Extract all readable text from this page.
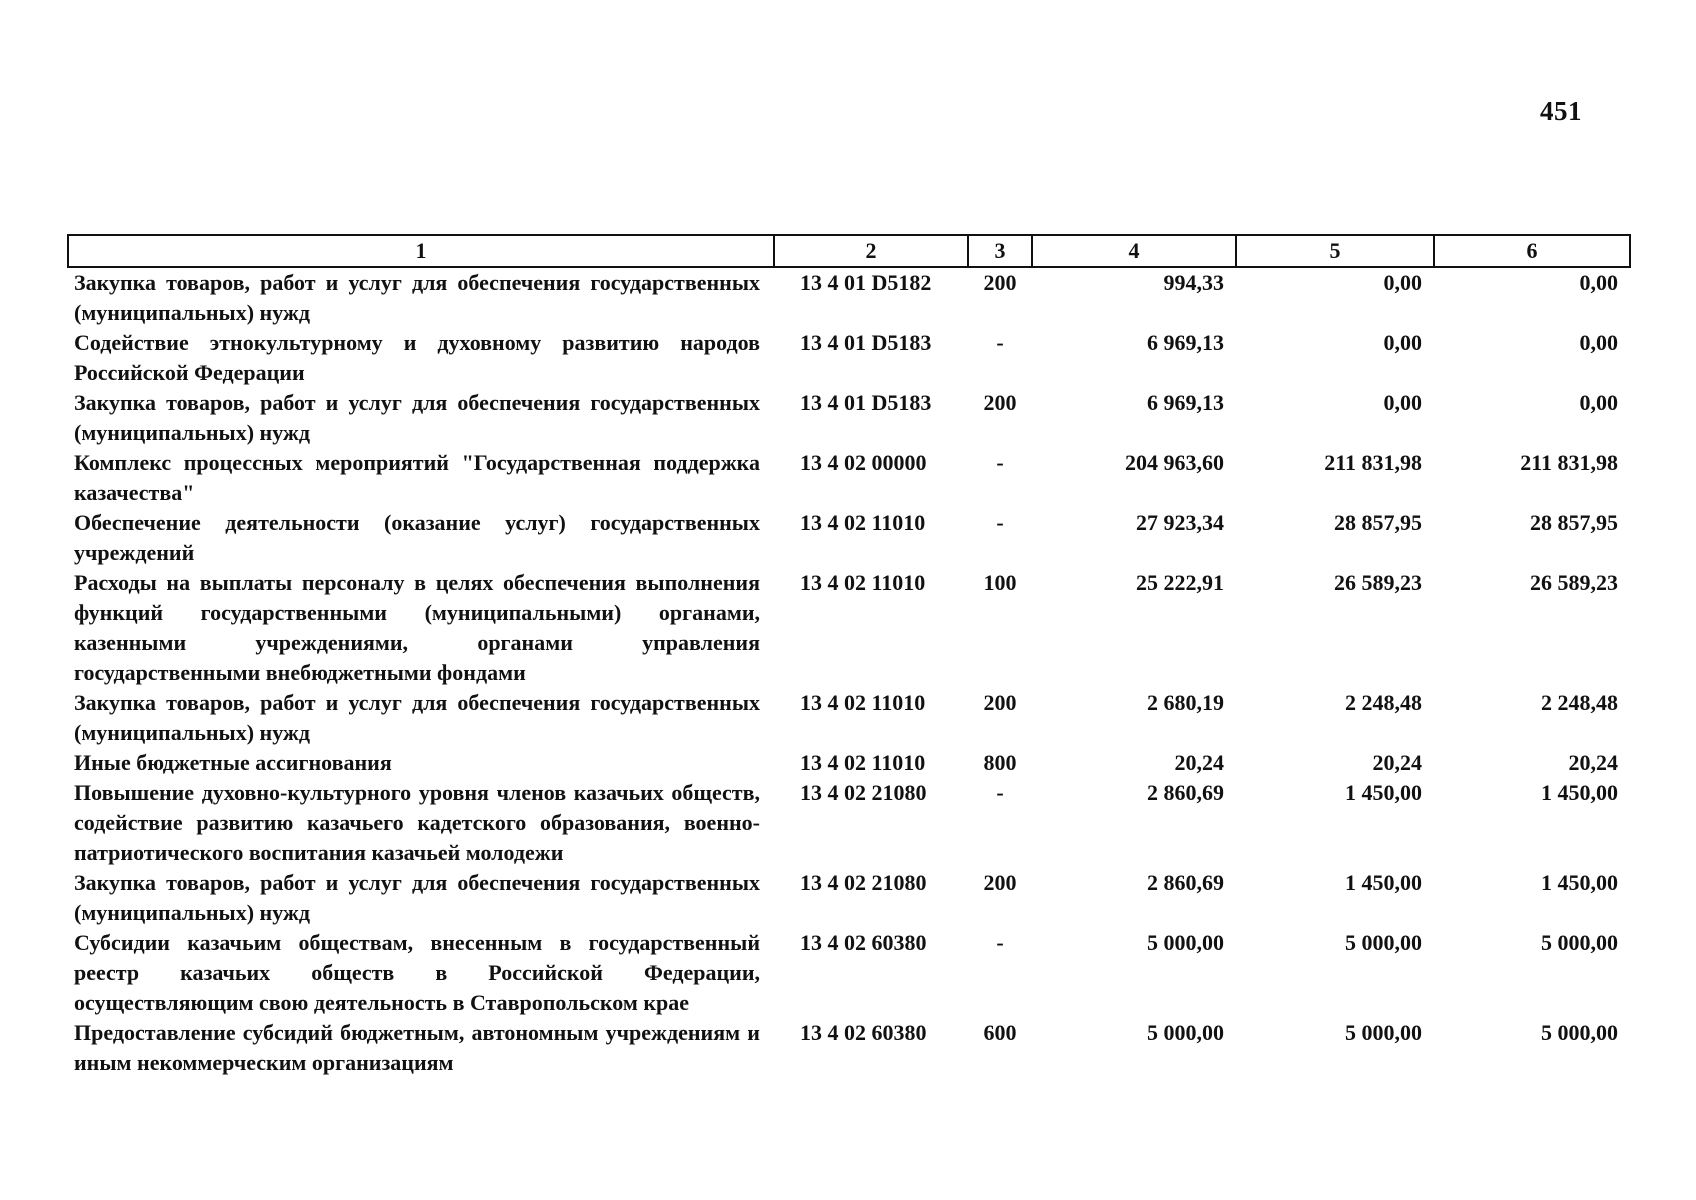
451
1	2	3	4	5	6
Закупка товаров, работ и услуг для обеспечения государственных (муниципальных) нужд	13 4 01 D5182	200	994,33	0,00	0,00
Содействие этнокультурному и духовному развитию народов Российской Федерации	13 4 01 D5183	-	6 969,13	0,00	0,00
Закупка товаров, работ и услуг для обеспечения государственных (муниципальных) нужд	13 4 01 D5183	200	6 969,13	0,00	0,00
Комплекс процессных мероприятий "Государственная поддержка казачества"	13 4 02 00000	-	204 963,60	211 831,98	211 831,98
Обеспечение деятельности (оказание услуг) государственных учреждений	13 4 02 11010	-	27 923,34	28 857,95	28 857,95
Расходы на выплаты персоналу в целях обеспечения выполнения функций государственными (муниципальными) органами, казенными учреждениями, органами управления государственными внебюджетными фондами	13 4 02 11010	100	25 222,91	26 589,23	26 589,23
Закупка товаров, работ и услуг для обеспечения государственных (муниципальных) нужд	13 4 02 11010	200	2 680,19	2 248,48	2 248,48
Иные бюджетные ассигнования	13 4 02 11010	800	20,24	20,24	20,24
Повышение духовно-культурного уровня членов казачьих обществ, содействие развитию казачьего кадетского образования, военно-патриотического воспитания казачьей молодежи	13 4 02 21080	-	2 860,69	1 450,00	1 450,00
Закупка товаров, работ и услуг для обеспечения государственных (муниципальных) нужд	13 4 02 21080	200	2 860,69	1 450,00	1 450,00
Субсидии казачьим обществам, внесенным в государственный реестр казачьих обществ в Российской Федерации, осуществляющим свою деятельность в Ставропольском крае	13 4 02 60380	-	5 000,00	5 000,00	5 000,00
Предоставление субсидий бюджетным, автономным учреждениям и иным некоммерческим организациям	13 4 02 60380	600	5 000,00	5 000,00	5 000,00
